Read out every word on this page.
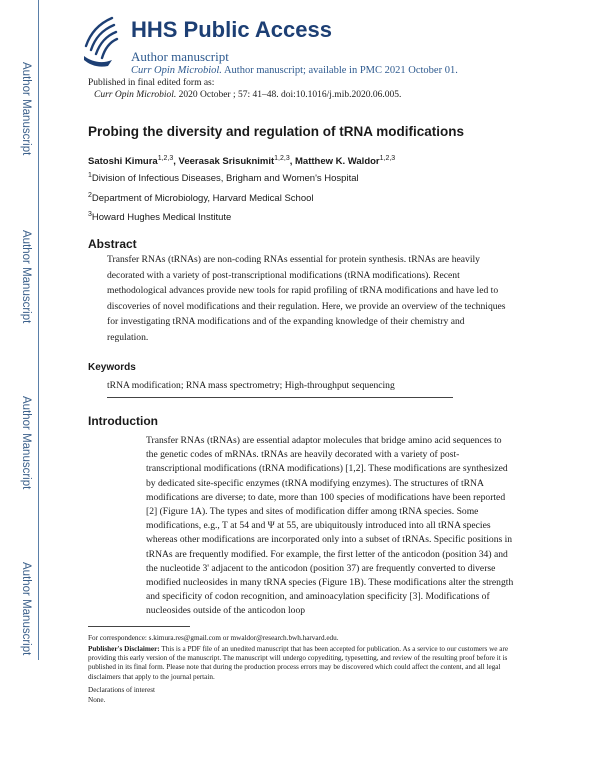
Author Manuscript
Author Manuscript
Author Manuscript
Author Manuscript
HHS Public Access
Author manuscript
Curr Opin Microbiol. Author manuscript; available in PMC 2021 October 01.
Published in final edited form as:
Curr Opin Microbiol. 2020 October ; 57: 41–48. doi:10.1016/j.mib.2020.06.005.
Probing the diversity and regulation of tRNA modifications
Satoshi Kimura$^{1,2,3}$, Veerasak Srisuknimit$^{1,2,3}$, Matthew K. Waldor$^{1,2,3}$
$^1$Division of Infectious Diseases, Brigham and Women's Hospital
$^2$Department of Microbiology, Harvard Medical School
$^3$Howard Hughes Medical Institute
Abstract
Transfer RNAs (tRNAs) are non-coding RNAs essential for protein synthesis. tRNAs are heavily decorated with a variety of post-transcriptional modifications (tRNA modifications). Recent methodological advances provide new tools for rapid profiling of tRNA modifications and have led to discoveries of novel modifications and their regulation. Here, we provide an overview of the techniques for investigating tRNA modifications and of the expanding knowledge of their chemistry and regulation.
Keywords
tRNA modification; RNA mass spectrometry; High-throughput sequencing
Introduction
Transfer RNAs (tRNAs) are essential adaptor molecules that bridge amino acid sequences to the genetic codes of mRNAs. tRNAs are heavily decorated with a variety of post-transcriptional modifications (tRNA modifications) [1,2]. These modifications are synthesized by dedicated site-specific enzymes (tRNA modifying enzymes). The structures of tRNA modifications are diverse; to date, more than 100 species of modifications have been reported [2] (Figure 1A). The types and sites of modification differ among tRNA species. Some modifications, e.g., T at 54 and Ψ at 55, are ubiquitously introduced into all tRNA species whereas other modifications are incorporated only into a subset of tRNAs. Specific positions in tRNAs are frequently modified. For example, the first letter of the anticodon (position 34) and the nucleotide 3' adjacent to the anticodon (position 37) are frequently converted to diverse modified nucleosides in many tRNA species (Figure 1B). These modifications alter the strength and specificity of codon recognition, and aminoacylation specificity [3]. Modifications of nucleosides outside of the anticodon loop
For correspondence: s.kimura.res@gmail.com or mwaldor@research.bwh.harvard.edu.
Publisher's Disclaimer: This is a PDF file of an unedited manuscript that has been accepted for publication. As a service to our customers we are providing this early version of the manuscript. The manuscript will undergo copyediting, typesetting, and review of the resulting proof before it is published in its final form. Please note that during the production process errors may be discovered which could affect the content, and all legal disclaimers that apply to the journal pertain.
Declarations of interest
None.
